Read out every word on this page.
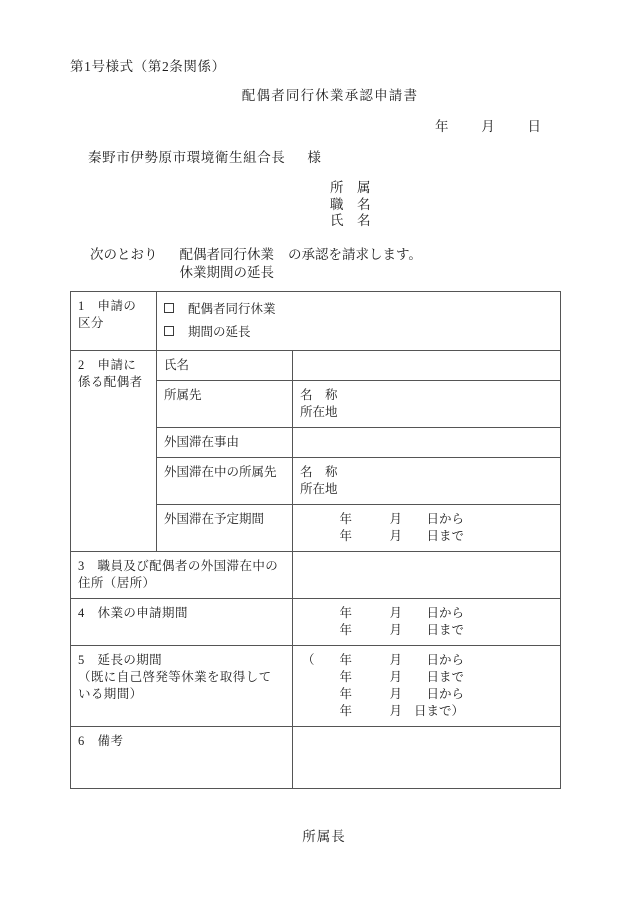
第1号様式（第2条関係）
配偶者同行休業承認申請書
年 月 日
秦野市伊勢原市環境衛生組合長 様
所　属
職　名
氏　名
次のとおり 配偶者同行休業
休業期間の延長
の承認を請求します。
1　申請の区分	配偶者同行休業
期間の延長	

2　申請に係る配偶者	氏名	
	所属先	名　称
所在地

	外国滞在事由	
	外国滞在中の所属先	名　称
所在地

	外国滞在予定期間	年 月 日から
年 月 日まで

3　職員及び配偶者の外国滞在中の住所（居所）		
4　休業の申請期間		年 月 日から
年 月 日まで

5　延長の期間
（既に自己啓発等休業を取得して
いる期間）

（	年	月 日から
年	月 日まで
年	月 日から
年	月 日まで）

6　備考		
所属長
